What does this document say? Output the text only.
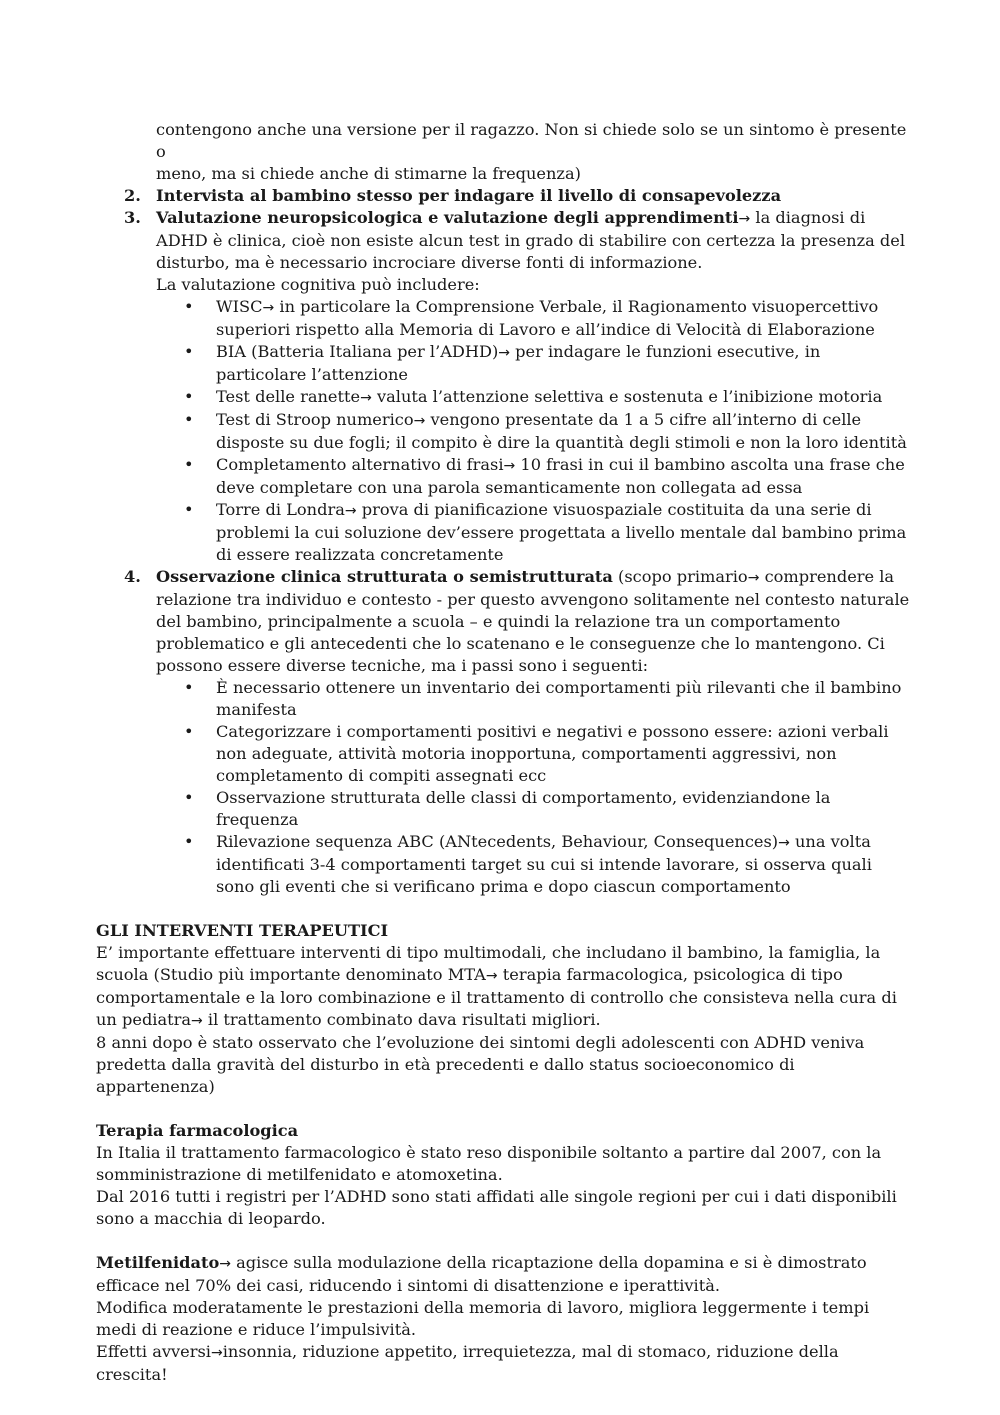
contengono anche una versione per il ragazzo. Non si chiede solo se un sintomo è presente o

meno, ma si chiede anche di stimarne la frequenza)

2. Intervista al bambino stesso per indagare il livello di consapevolezza

3. Valutazione neuropsicologica e valutazione degli apprendimenti→ la diagnosi di ADHD è clinica, cioè non esiste alcun test in grado di stabilire con certezza la presenza del disturbo, ma è necessario incrociare diverse fonti di informazione.

La valutazione cognitiva può includere:

• WISC→ in particolare la Comprensione Verbale, il Ragionamento visuopercettivo superiori rispetto alla Memoria di Lavoro e all’indice di Velocità di Elaborazione
• BIA (Batteria Italiana per l’ADHD)→ per indagare le funzioni esecutive, in particolare l’attenzione
• Test delle ranette→ valuta l’attenzione selettiva e sostenuta e l’inibizione motoria
• Test di Stroop numerico→ vengono presentate da 1 a 5 cifre all’interno di celle disposte su due fogli; il compito è dire la quantità degli stimoli e non la loro identità
• Completamento alternativo di frasi→ 10 frasi in cui il bambino ascolta una frase che deve completare con una parola semanticamente non collegata ad essa
• Torre di Londra→ prova di pianificazione visuospaziale costituita da una serie di problemi la cui soluzione dev’essere progettata a livello mentale dal bambino prima di essere realizzata concretamente
4. Osservazione clinica strutturata o semistrutturata (scopo primario→ comprendere la relazione tra individuo e contesto - per questo avvengono solitamente nel contesto naturale del bambino, principalmente a scuola – e quindi la relazione tra un comportamento problematico e gli antecedenti che lo scatenano e le conseguenze che lo mantengono. Ci possono essere diverse tecniche, ma i passi sono i seguenti:

• È necessario ottenere un inventario dei comportamenti più rilevanti che il bambino manifesta
• Categorizzare i comportamenti positivi e negativi e possono essere: azioni verbali non adeguate, attività motoria inopportuna, comportamenti aggressivi, non completamento di compiti assegnati ecc
• Osservazione strutturata delle classi di comportamento, evidenziandone la frequenza
• Rilevazione sequenza ABC (ANtecedents, Behaviour, Consequences)→ una volta identificati 3-4 comportamenti target su cui si intende lavorare, si osserva quali sono gli eventi che si verificano prima e dopo ciascun comportamento

GLI INTERVENTI TERAPEUTICI

E’ importante effettuare interventi di tipo multimodali, che includano il bambino, la famiglia, la scuola (Studio più importante denominato MTA→ terapia farmacologica, psicologica di tipo comportamentale e la loro combinazione e il trattamento di controllo che consisteva nella cura di un pediatra→ il trattamento combinato dava risultati migliori.

8 anni dopo è stato osservato che l’evoluzione dei sintomi degli adolescenti con ADHD veniva predetta dalla gravità del disturbo in età precedenti e dallo status socioeconomico di appartenenza)

Terapia farmacologica

In Italia il trattamento farmacologico è stato reso disponibile soltanto a partire dal 2007, con la somministrazione di metilfenidato e atomoxetina.

Dal 2016 tutti i registri per l’ADHD sono stati affidati alle singole regioni per cui i dati disponibili sono a macchia di leopardo.

Metilfenidato→ agisce sulla modulazione della ricaptazione della dopamina e si è dimostrato efficace nel 70% dei casi, riducendo i sintomi di disattenzione e iperattività.

Modifica moderatamente le prestazioni della memoria di lavoro, migliora leggermente i tempi medi di reazione e riduce l’impulsività.

Effetti avversi→insonnia, riduzione appetito, irrequietezza, mal di stomaco, riduzione della crescita!
